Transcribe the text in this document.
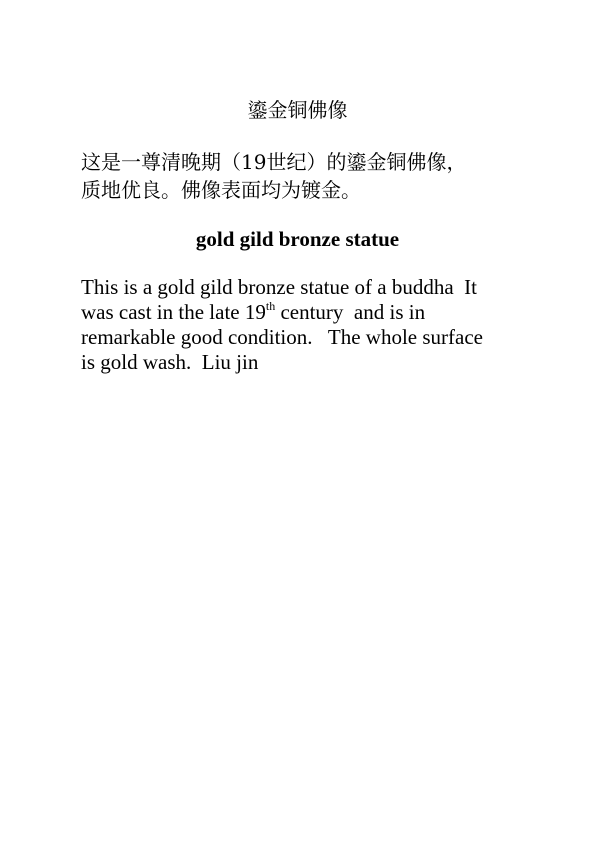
鎏金铜佛像
这是一尊清晚期（19世纪）的鎏金铜佛像，
质地优良。佛像表面均为镀金。
gold gild bronze statue
This is a gold gild bronze statue of a buddha  It
was cast in the late 19th century  and is in
remarkable good condition.   The whole surface
is gold wash.  Liu jin
